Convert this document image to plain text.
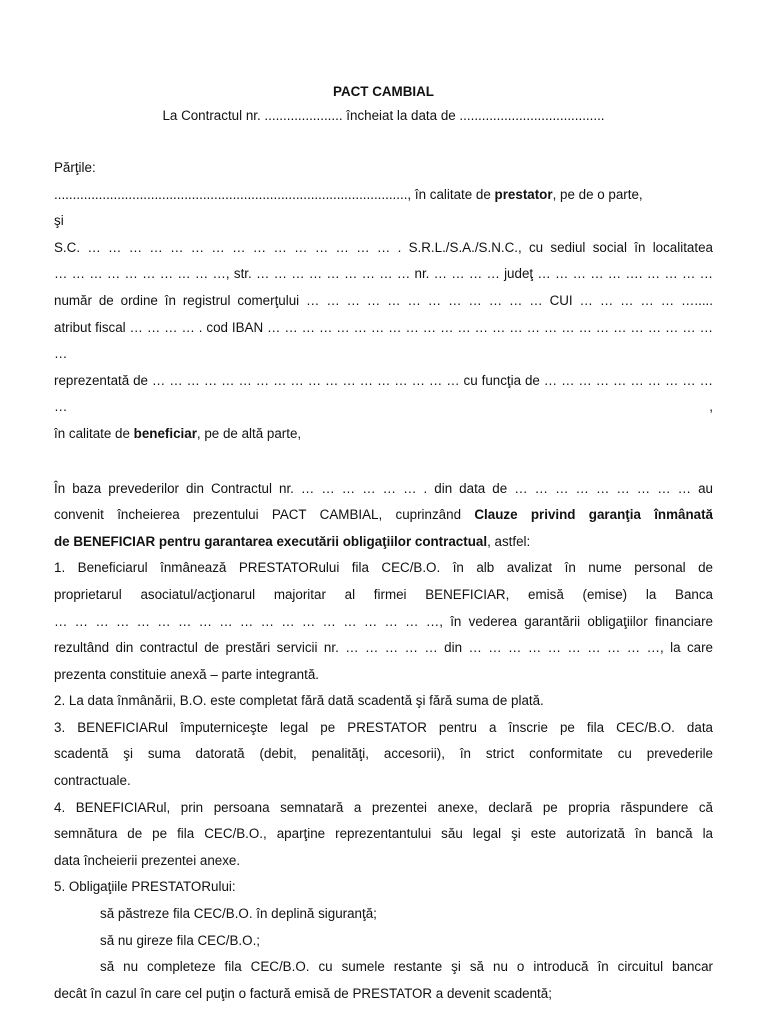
PACT CAMBIAL

La Contractul nr. ..................... încheiat la data de .......................................

Părţile:

..............................................................................................., în calitate de prestator, pe de o parte,

şi

S.C. … … … … … … … … … … … … … … … . S.R.L./S.A./S.N.C., cu sediul social în localitatea

… … … … … … … … … …, str. … … … … … … … … … nr. … … … … judeţ … … … … … …. … … … …

număr de ordine în registrul comerţului … … … … … … … … … … … … CUI … … … … … ….....

atribut fiscal … … … … . cod IBAN … … … … … … … … … … … … … … … … … … … … … … … … … … …

reprezentată de … … … … … … … … … … … … … … … … … … cu funcţia de … … … … … … … … … … … ,

în calitate de beneficiar, pe de altă parte,

În baza prevederilor din Contractul nr. … … … … … … . din data de … … … … … … … … … au

convenit încheierea prezentului PACT CAMBIAL, cuprinzând Clauze privind garanţia înmânată

de BENEFICIAR pentru garantarea executării obligaţiilor contractual, astfel:

1. Beneficiarul înmânează PRESTATORului fila CEC/B.O. în alb avalizat în nume personal de

proprietarul asociatul/acţionarul majoritar al firmei BENEFICIAR, emisă (emise) la Banca

… … … … … … … … … … … … … … … … … … …, în vederea garantării obligaţiilor financiare

rezultând din contractul de prestări servicii nr. … … … … … din … … … … … … … … … …, la care

prezenta constituie anexă – parte integrantă.

2. La data înmânării, B.O. este completat fără dată scadentă şi fără suma de plată.

3. BENEFICIARul împuterniceşte legal pe PRESTATOR pentru a înscrie pe fila CEC/B.O. data

scadentă şi suma datorată (debit, penalităţi, accesorii), în strict conformitate cu prevederile

contractuale.

4. BENEFICIARul, prin persoana semnatară a prezentei anexe, declară pe propria răspundere că

semnătura de pe fila CEC/B.O., aparţine reprezentantului său legal şi este autorizată în bancă la

data încheierii prezentei anexe.

5. Obligaţiile PRESTATORului:

să păstreze fila CEC/B.O. în deplină siguranţă;

să nu gireze fila CEC/B.O.;

să nu completeze fila CEC/B.O. cu sumele restante şi să nu o introducă în circuitul bancar

decât în cazul în care cel puţin o factură emisă de PRESTATOR a devenit scadentă;
